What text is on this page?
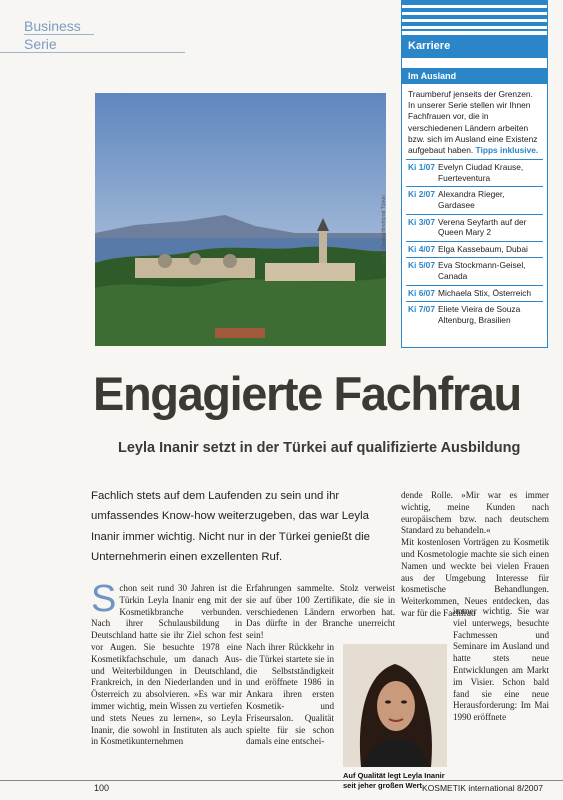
Business
Serie
Foto: Generaldirektorat Türkei
Karriere
Im Ausland
Traumberuf jenseits der Grenzen. In unserer Serie stellen wir Ihnen Fachfrauen vor, die in verschiedenen Ländern arbeiten bzw. sich im Ausland eine Existenz aufgebaut haben. Tipps inklusive.
Ki 1/07 Evelyn Ciudad Krause, Fuerteventura
Ki 2/07 Alexandra Rieger, Gardasee
Ki 3/07 Verena Seyfarth auf der Queen Mary 2
Ki 4/07 Elga Kassebaum, Dubai
Ki 5/07 Eva Stockmann-Geisel, Canada
Ki 6/07 Michaela Stix, Österreich
Ki 7/07 Eliete Vieira de Souza Altenburg, Brasilien
Engagierte Fachfrau
Leyla Inanir setzt in der Türkei auf qualifizierte Ausbildung

Fachlich stets auf dem Laufenden zu sein und ihr umfassendes Know-how weiterzugeben, das war Leyla Inanir immer wichtig. Nicht nur in der Türkei genießt die Unternehmerin einen exzellenten Ruf.

Schon seit rund 30 Jahren ist die Türkin Leyla Inanir eng mit der Kosmetikbranche verbunden. Nach ihrer Schulausbildung in Deutschland hatte sie ihr Ziel schon fest vor Augen. Sie besuchte 1978 eine Kosmetikfachschule, um danach Aus- und Weiterbildungen in Deutschland, Frankreich, in den Niederlanden und in Österreich zu absolvieren. »Es war mir immer wichtig, mein Wissen zu vertiefen und stets Neues zu lernen«, so Leyla Inanir, die sowohl in Instituten als auch in Kosmetikunternehmen

Erfahrungen sammelte. Stolz verweist sie auf über 100 Zertifikate, die sie in verschiedenen Ländern erworben hat. Das dürfte in der Branche unerreicht sein!

Nach ihrer Rückkehr in die Türkei startete sie in die Selbstständigkeit und eröffnete 1986 in Ankara ihren ersten Kosmetik- und Friseursalon. Qualität spielte für sie schon damals eine entschei-

dende Rolle. »Mir war es immer wichtig, meine Kunden nach europäischem bzw. nach deutschem Standard zu behandeln.«

Mit kostenlosen Vorträgen zu Kosmetik und Kosmetologie machte sie sich einen Namen und weckte bei vielen Frauen aus der Umgebung Interesse für kosmetische Behandlungen. Weiterkommen, Neues entdecken, das war für die Fachfrau

immer wichtig. Sie war viel unterwegs, besuchte Fachmessen und Seminare im Ausland und hatte stets neue Entwicklungen am Markt im Visier. Schon bald fand sie eine neue Herausforderung: Im Mai 1990 eröffnete
Auf Qualität legt Leyla Inanir seit jeher großen Wert
100	KOSMETIK international 8/2007
